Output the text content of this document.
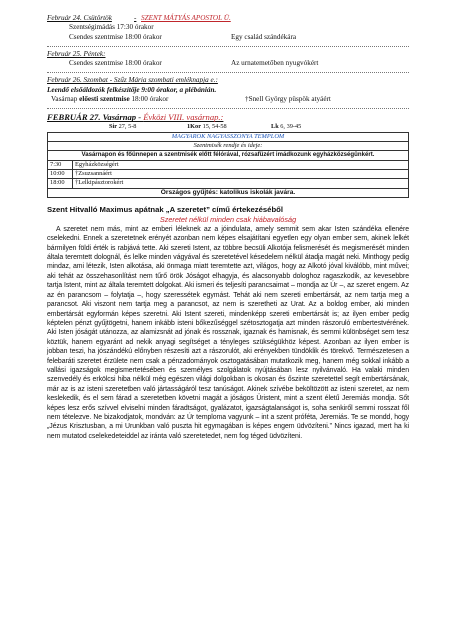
Február 24. Csütörtök	- SZENT MÁTYÁS APOSTOL Ü.
Szentségimádás 17:30 órakor
Csendes szentmise 18:00 órakor	Egy család szándékára
Február 25. Péntek:
Csendes szentmise 18:00 órakor	Az urnatemetőben nyugvókért
Február 26. Szombat - Szűz Mária szombati emléknapja e.:
Leendő elsőáldozók felkészítője 9:00 órakor, a plébánián.
Vasárnap előesti szentmise 18:00 órakor	†Snell György püspök atyáért
FEBRUÁR 27. Vasárnap - Évközi VIII. vasárnap.:
Sir 27, 5-8	1Kor 15, 54-58	Lk 6, 39-45
MAGYAROK NAGYASSZONYA TEMPLOM	
Szentmisék rendje és ideje:	
Vasárnapon és főünnepen a szentmisék előtt félórával, rózsafüzért imádkozunk egyházközségünkért.	
7:30	Egyházközségért
10:00	†Zsuzsannáért
18:00	†Lelkipásztorokért
Országos gyűjtés: katolikus iskolák javára.	
Szent Hitvalló Maximus apátnak „A szeretet” című értekezéséből
Szeretet nélkül minden csak hiábavalóság

A szeretet nem más, mint az emberi léleknek az a jóindulata, amely semmit sem akar Isten szándéka ellenére cselekedni. Ennek a szeretetnek erényét azonban nem képes elsajátítani egyetlen egy olyan ember sem, akinek lelkét bármilyen földi érték is rabjává tette. Aki szereti Istent, az többre becsüli Alkotója felismerését és megismerését minden általa teremtett dolognál, és lelke minden vágyával és szeretetével késedelem nélkül átadja magát neki. Minthogy pedig mindaz, ami létezik, Isten alkotása, aki önmaga miatt teremtette azt, világos, hogy az Alkotó jóval kiválóbb, mint művei; aki tehát az összehasonlítást nem tűrő örök Jóságot elhagyja, és alacsonyabb dologhoz ragaszkodik, az kevesebbre tartja Istent, mint az általa teremtett dolgokat. Aki ismeri és teljesíti parancsaimat – mondja az Úr –, az szeret engem. Az az én parancsom – folytatja –, hogy szeressétek egymást. Tehát aki nem szereti embertársát, az nem tartja meg a parancsot. Aki viszont nem tartja meg a parancsot, az nem is szeretheti az Urat. Az a boldog ember, aki minden embertársát egyformán képes szeretni. Aki Istent szereti, mindenképp szereti embertársát is; az ilyen ember pedig képtelen pénzt gyűjtögetni, hanem inkább isteni bőkezűséggel szétosztogatja azt minden rászoruló embertestvérének. Aki Isten jóságát utánozza, az alamizsnát ad jónak és rossznak, igaznak és hamisnak, és semmi különbséget sem tesz köztük, hanem egyaránt ad nekik anyagi segítséget a tényleges szükségükhöz képest. Azonban az ilyen ember is jobban teszi, ha jószándékú előnyben részesíti azt a rászorulót, aki erényekben tündöklik és törekvő. Természetesen a felebaráti szeretet érzülete nem csak a pénzadományok osztogatásában mutatkozik meg, hanem még sokkal inkább a vallási igazságok megismertetésében és személyes szolgálatok nyújtásában lesz nyilvánvaló. Ha valaki minden szenvedély és erkölcsi hiba nélkül még egészen világi dolgokban is okosan és őszinte szeretettel segít embertársának, már az is az isteni szeretetben való jártasságáról tesz tanúságot. Akinek szívébe beköltözött az isteni szeretet, az nem keslekedik, és el sem fárad a szeretetben követni magát a jóságos Üristent, mint a szent életű Jeremiás mondja. Sőt képes lesz erős szívvel elviselni minden fáradtságot, gyalázatot, igazságtalanságot is, soha senkiről semmi rosszat fől nem tételezve. Ne bizakodjatok, mondván: az Úr temploma vagyunk – int a szent próféta, Jeremiás. Te se mondd, hogy „Jézus Krisztusban, a mi Urunkban való puszta hit egymagában is képes engem üdvözíteni.” Nincs igazad, mert ha ki nem mutatod cselekedeteiddel az iránta való szeretetedet, nem fog téged üdvözíteni.
